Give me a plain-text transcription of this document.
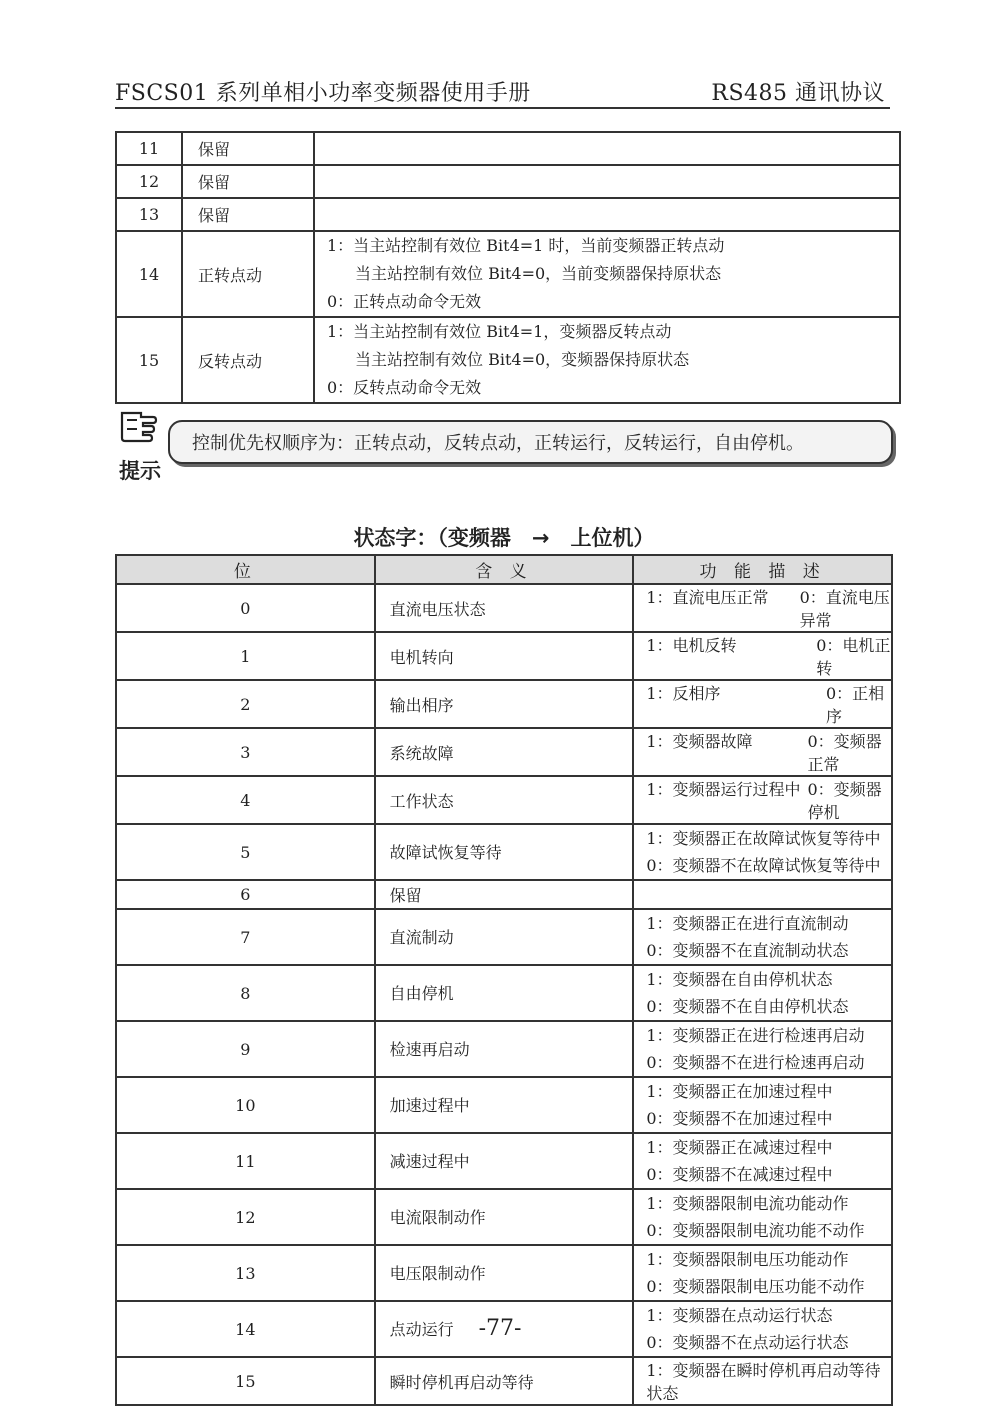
FSCS01 系列单相小功率变频器使用手册	RS485 通讯协议
11	保留	
12	保留	
13	保留	
14	正转点动	1：当主站控制有效位 Bit4=1 时，当前变频器正转点动
当主站控制有效位 Bit4=0，当前变频器保持原状态
0：正转点动命令无效

15	反转点动	1：当主站控制有效位 Bit4=1，变频器反转点动
当主站控制有效位 Bit4=0，变频器保持原状态
0：反转点动命令无效
提示
控制优先权顺序为：正转点动，反转点动，正转运行，反转运行，自由停机。
状态字：（变频器　→　上位机）
位	含 义	功 能 描 述
0	直流电压状态	1：直流电压正常 0：直流电压异常

1	电机转向	1：电机反转 0：电机正转

2	输出相序	1：反相序 0：正相序

3	系统故障	1：变频器故障 0：变频器正常

4	工作状态	1：变频器运行过程中 0：变频器停机

5	故障试恢复等待	1：变频器正在故障试恢复等待中
0：变频器不在故障试恢复等待中

6	保留	
7	直流制动	1：变频器正在进行直流制动
0：变频器不在直流制动状态

8	自由停机	1：变频器在自由停机状态
0：变频器不在自由停机状态

9	检速再启动	1：变频器正在进行检速再启动
0：变频器不在进行检速再启动

10	加速过程中	1：变频器正在加速过程中
0：变频器不在加速过程中

11	减速过程中	1：变频器正在减速过程中
0：变频器不在减速过程中

12	电流限制动作	1：变频器限制电流功能动作
0：变频器限制电流功能不动作

13	电压限制动作	1：变频器限制电压功能动作
0：变频器限制电压功能不动作

14	点动运行	1：变频器在点动运行状态
0：变频器不在点动运行状态

15	瞬时停机再启动等待	1：变频器在瞬时停机再启动等待状态
-77-
